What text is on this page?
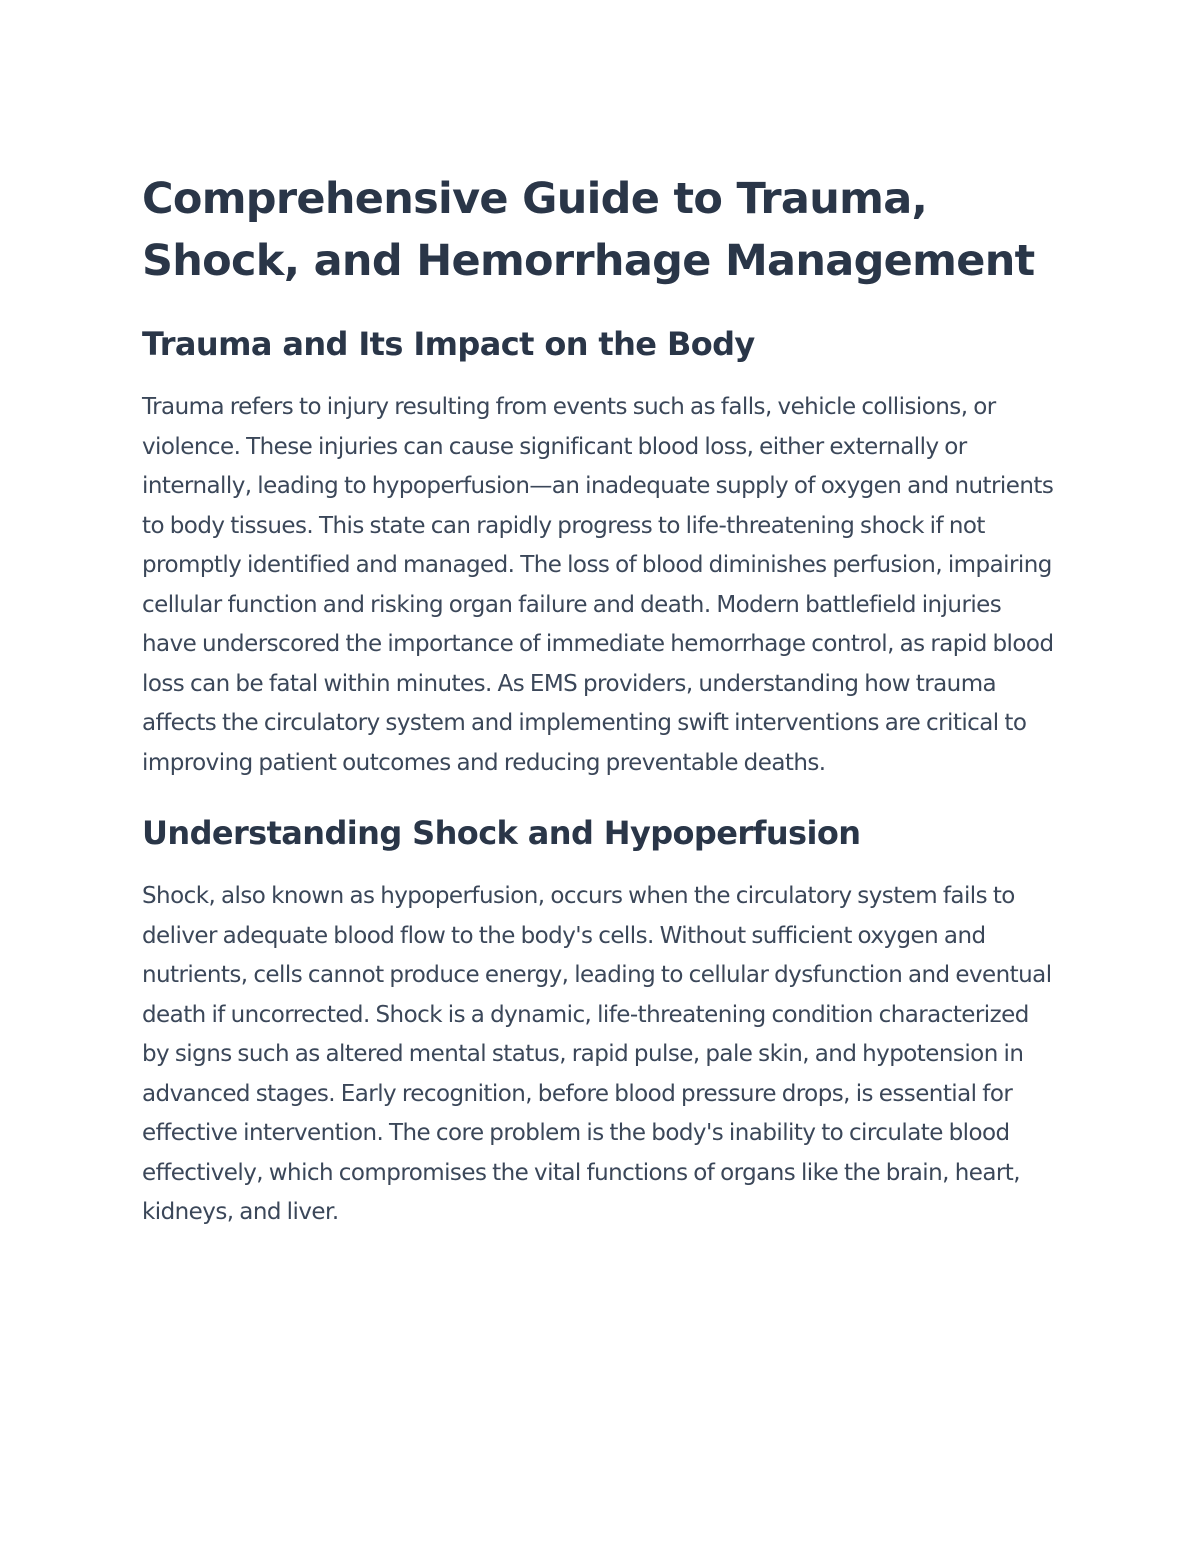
Comprehensive Guide to Trauma, Shock, and Hemorrhage Management
Trauma and Its Impact on the Body

Trauma refers to injury resulting from events such as falls, vehicle collisions, or violence. These injuries can cause significant blood loss, either externally or internally, leading to hypoperfusion—an inadequate supply of oxygen and nutrients to body tissues. This state can rapidly progress to life-threatening shock if not promptly identified and managed. The loss of blood diminishes perfusion, impairing cellular function and risking organ failure and death. Modern battlefield injuries have underscored the importance of immediate hemorrhage control, as rapid blood loss can be fatal within minutes. As EMS providers, understanding how trauma affects the circulatory system and implementing swift interventions are critical to improving patient outcomes and reducing preventable deaths.

Understanding Shock and Hypoperfusion

Shock, also known as hypoperfusion, occurs when the circulatory system fails to deliver adequate blood flow to the body's cells. Without sufficient oxygen and nutrients, cells cannot produce energy, leading to cellular dysfunction and eventual death if uncorrected. Shock is a dynamic, life-threatening condition characterized by signs such as altered mental status, rapid pulse, pale skin, and hypotension in advanced stages. Early recognition, before blood pressure drops, is essential for effective intervention. The core problem is the body's inability to circulate blood effectively, which compromises the vital functions of organs like the brain, heart, kidneys, and liver.
